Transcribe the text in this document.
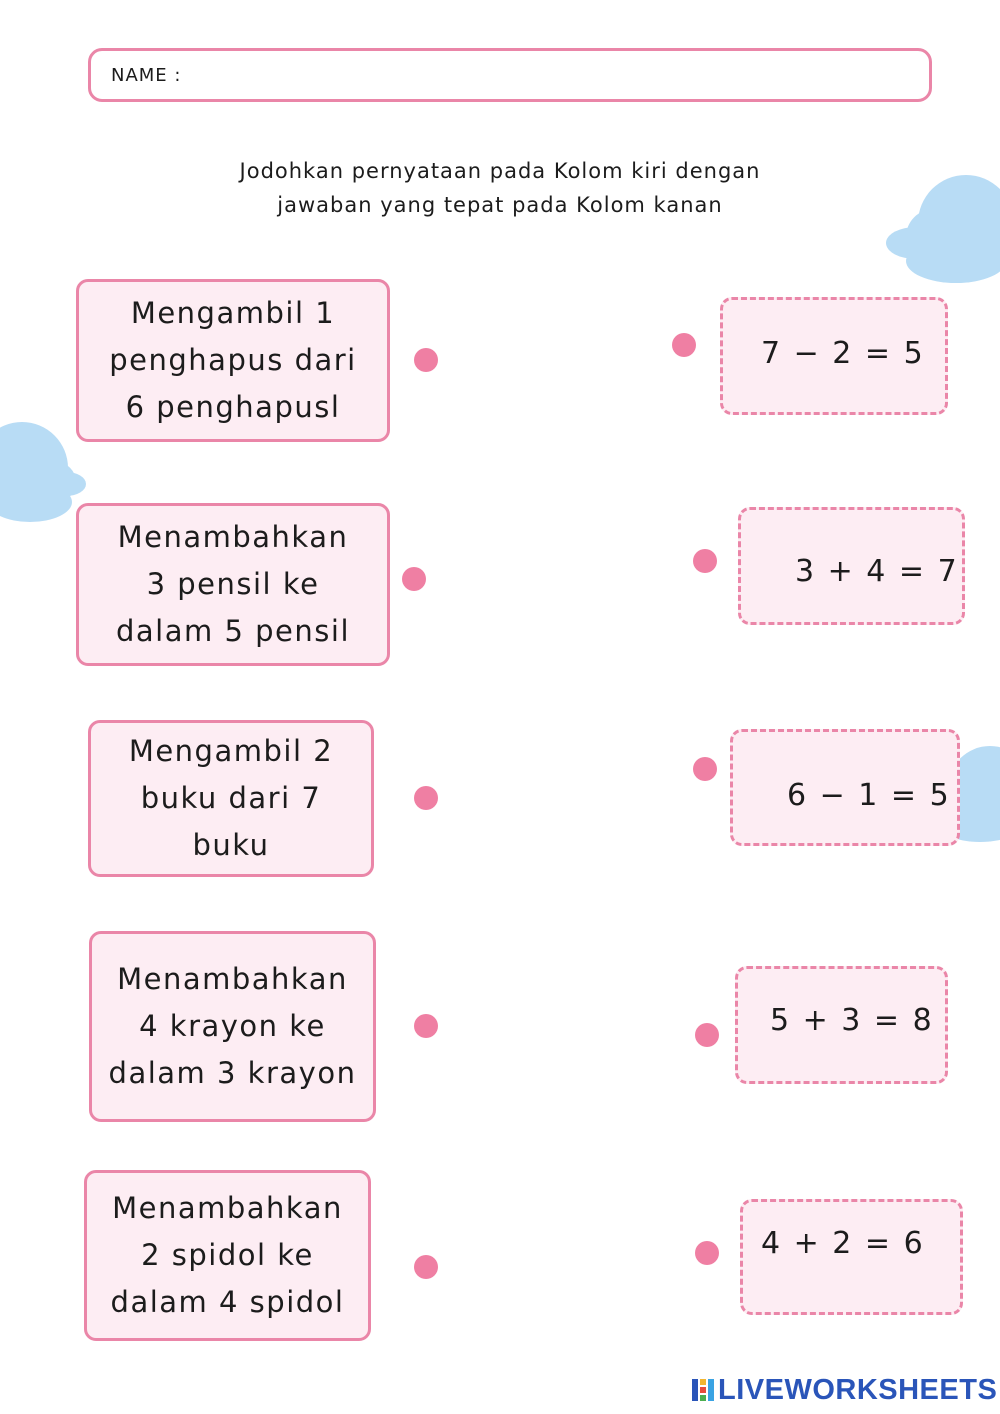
NAME :
Jodohkan pernyataan pada Kolom kiri dengan
jawaban yang tepat pada Kolom kanan
Mengambil 1
penghapus dari
6 penghapusl
Menambahkan
3 pensil ke
dalam 5 pensil
Mengambil 2
buku dari 7
buku
Menambahkan
4 krayon ke
dalam 3 krayon
Menambahkan
2 spidol ke
dalam 4 spidol
7 − 2 = 5
3 + 4 = 7
6 − 1 = 5
5 + 3 = 8
4 + 2 = 6
LIVEWORKSHEETS
